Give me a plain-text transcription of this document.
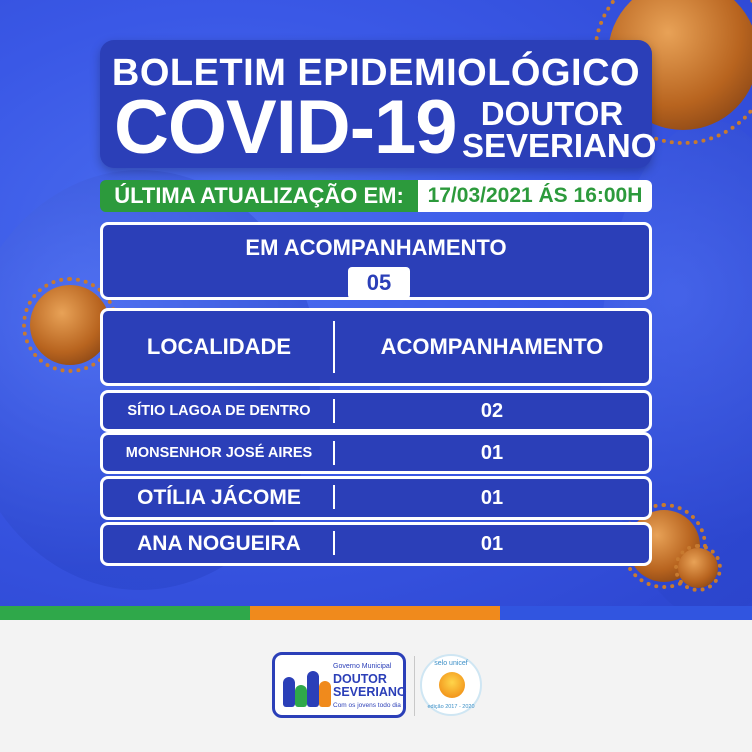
BOLETIM EPIDEMIOLÓGICO
COVID-19 DOUTOR
SEVERIANO
ÚLTIMA ATUALIZAÇÃO EM:	17/03/2021 ÁS 16:00H
EM ACOMPANHAMENTO
05
LOCALIDADE	ACOMPANHAMENTO
SÍTIO LAGOA DE DENTRO	02
MONSENHOR JOSÉ AIRES	01
OTÍLIA JÁCOME	01
ANA NOGUEIRA	01
Governo Municipal
DOUTOR
SEVERIANO
Com os jovens todo dia
selo unicef
edição 2017 - 2020
